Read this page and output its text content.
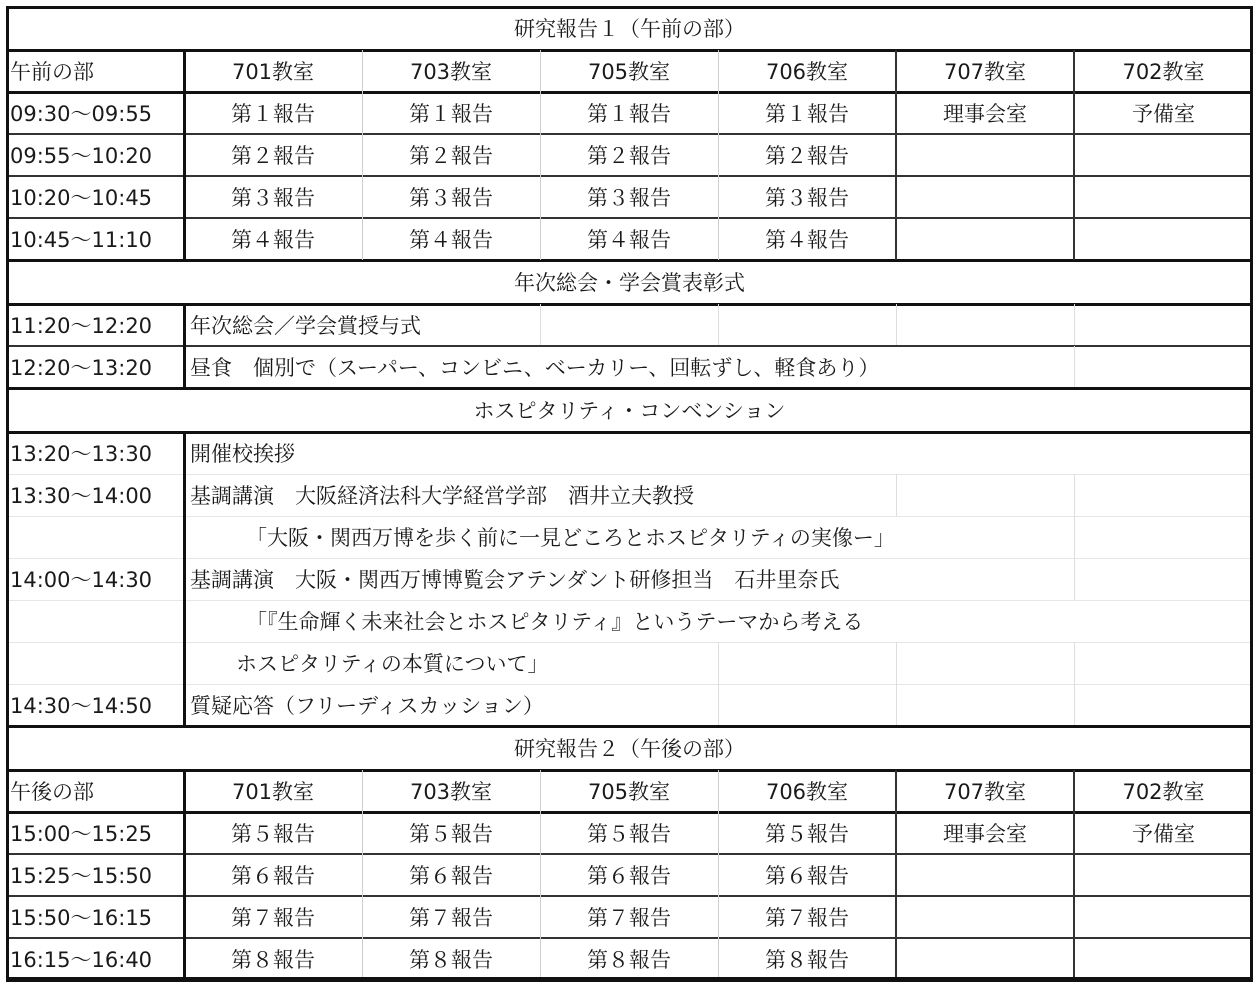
研究報告１（午前の部）
午前の部	701教室	703教室	705教室	706教室	707教室	702教室
09:30～09:55	第１報告	第１報告	第１報告	第１報告	理事会室	予備室
09:55～10:20	第２報告	第２報告	第２報告	第２報告
10:20～10:45	第３報告	第３報告	第３報告	第３報告
10:45～11:10	第４報告	第４報告	第４報告	第４報告
年次総会・学会賞表彰式
11:20～12:20	年次総会／学会賞授与式
12:20～13:20	昼食　個別で（スーパー、コンビニ、ベーカリー、回転ずし、軽食あり）
ホスピタリティ・コンベンション
13:20～13:30	開催校挨拶
13:30～14:00	基調講演　大阪経済法科大学経営学部　酒井立夫教授
「大阪・関西万博を歩く前に一見どころとホスピタリティの実像ー」
14:00～14:30	基調講演　大阪・関西万博博覧会アテンダント研修担当　石井里奈氏
「『生命輝く未来社会とホスピタリティ』というテーマから考える
ホスピタリティの本質について」
14:30～14:50	質疑応答（フリーディスカッション）
研究報告２（午後の部）
午後の部	701教室	703教室	705教室	706教室	707教室	702教室
15:00～15:25	第５報告	第５報告	第５報告	第５報告	理事会室	予備室
15:25～15:50	第６報告	第６報告	第６報告	第６報告
15:50～16:15	第７報告	第７報告	第７報告	第７報告
16:15～16:40	第８報告	第８報告	第８報告	第８報告
